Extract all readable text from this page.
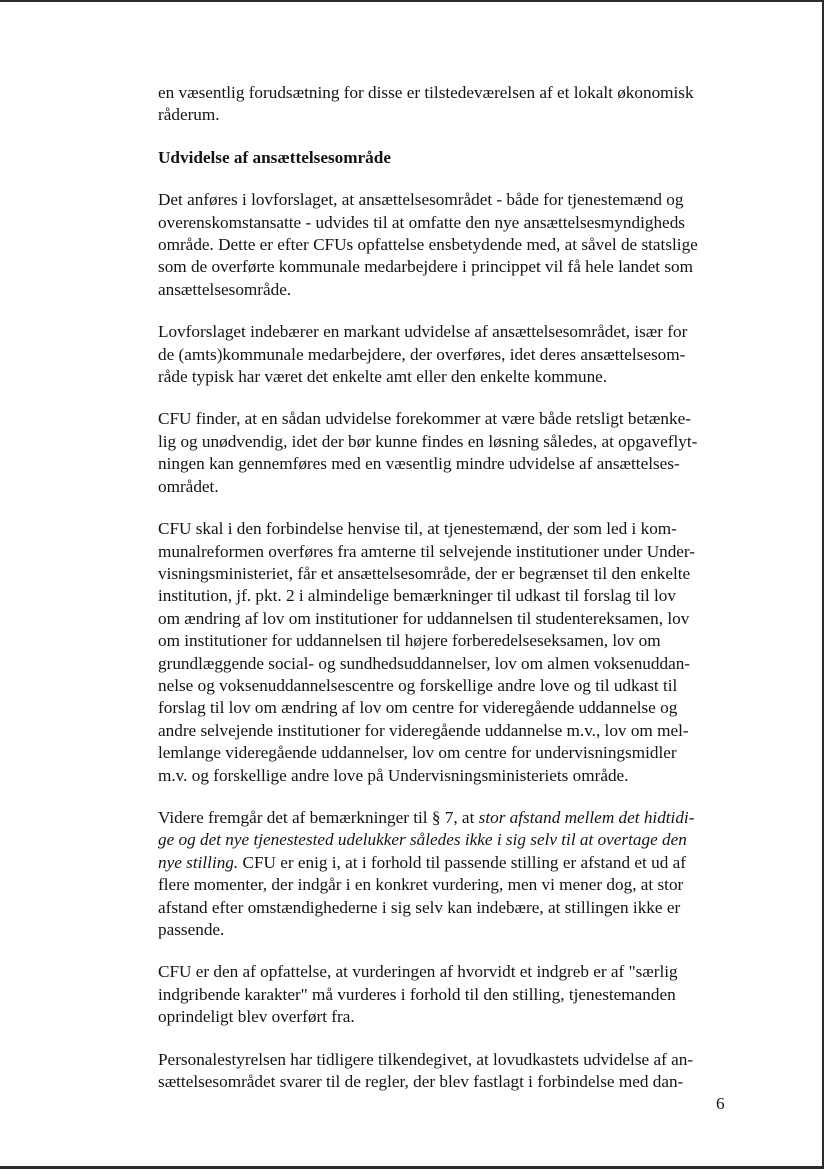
en væsentlig forudsætning for disse er tilstedeværelsen af et lokalt økonomisk
råderum.

Udvidelse af ansættelsesområde

Det anføres i lovforslaget, at ansættelsesområdet - både for tjenestemænd og
overenskomstansatte - udvides til at omfatte den nye ansættelsesmyndigheds
område. Dette er efter CFUs opfattelse ensbetydende med, at såvel de statslige
som de overførte kommunale medarbejdere i princippet vil få hele landet som
ansættelsesområde.

Lovforslaget indebærer en markant udvidelse af ansættelsesområdet, især for
de (amts)kommunale medarbejdere, der overføres, idet deres ansættelsesom-
råde typisk har været det enkelte amt eller den enkelte kommune.

CFU finder, at en sådan udvidelse forekommer at være både retsligt betænke-
lig og unødvendig, idet der bør kunne findes en løsning således, at opgaveflyt-
ningen kan gennemføres med en væsentlig mindre udvidelse af ansættelses-
området.

CFU skal i den forbindelse henvise til, at tjenestemænd, der som led i kom-
munalreformen overføres fra amterne til selvejende institutioner under Under-
visningsministeriet, får et ansættelsesområde, der er begrænset til den enkelte
institution, jf. pkt. 2 i almindelige bemærkninger til udkast til forslag til lov
om ændring af lov om institutioner for uddannelsen til studentereksamen, lov
om institutioner for uddannelsen til højere forberedelseseksamen, lov om
grundlæggende social- og sundhedsuddannelser, lov om almen voksenuddan-
nelse og voksenuddannelsescentre og forskellige andre love og til udkast til
forslag til lov om ændring af lov om centre for videregående uddannelse og
andre selvejende institutioner for videregående uddannelse m.v., lov om mel-
lemlange videregående uddannelser, lov om centre for undervisningsmidler
m.v. og forskellige andre love på Undervisningsministeriets område.

Videre fremgår det af bemærkninger til § 7, at stor afstand mellem det hidtidi-
ge og det nye tjenestested udelukker således ikke i sig selv til at overtage den
nye stilling. CFU er enig i, at i forhold til passende stilling er afstand et ud af
flere momenter, der indgår i en konkret vurdering, men vi mener dog, at stor
afstand efter omstændighederne i sig selv kan indebære, at stillingen ikke er
passende.

CFU er den af opfattelse, at vurderingen af hvorvidt et indgreb er af "særlig
indgribende karakter" må vurderes i forhold til den stilling, tjenestemanden
oprindeligt blev overført fra.

Personalestyrelsen har tidligere tilkendegivet, at lovudkastets udvidelse af an-
sættelsesområdet svarer til de regler, der blev fastlagt i forbindelse med dan-

6
